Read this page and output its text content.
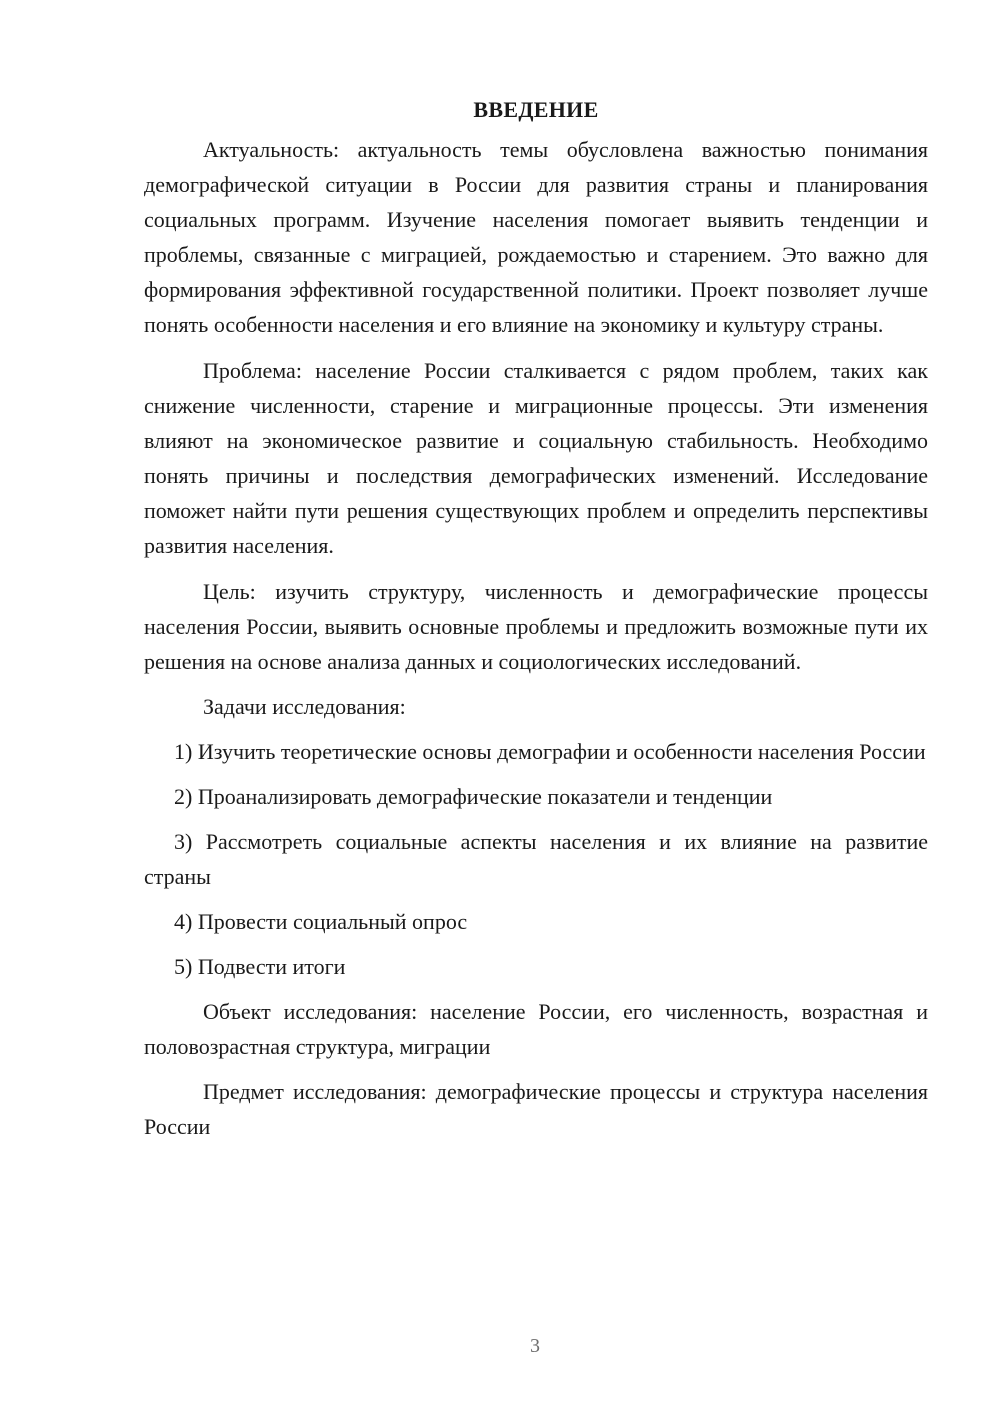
ВВЕДЕНИЕ

Актуальность: актуальность темы обусловлена важностью понимания демографической ситуации в России для развития страны и планирования социальных программ. Изучение населения помогает выявить тенденции и проблемы, связанные с миграцией, рождаемостью и старением. Это важно для формирования эффективной государственной политики. Проект позволяет лучше понять особенности населения и его влияние на экономику и культуру страны.

Проблема: население России сталкивается с рядом проблем, таких как снижение численности, старение и миграционные процессы. Эти изменения влияют на экономическое развитие и социальную стабильность. Необходимо понять причины и последствия демографических изменений. Исследование поможет найти пути решения существующих проблем и определить перспективы развития населения.

Цель: изучить структуру, численность и демографические процессы населения России, выявить основные проблемы и предложить возможные пути их решения на основе анализа данных и социологических исследований.

Задачи исследования:

1) Изучить теоретические основы демографии и особенности населения России

2) Проанализировать демографические показатели и тенденции

3) Рассмотреть социальные аспекты населения и их влияние на развитие страны

4) Провести социальный опрос

5) Подвести итоги

Объект исследования: население России, его численность, возрастная и половозрастная структура, миграции

Предмет исследования: демографические процессы и структура населения России

3
